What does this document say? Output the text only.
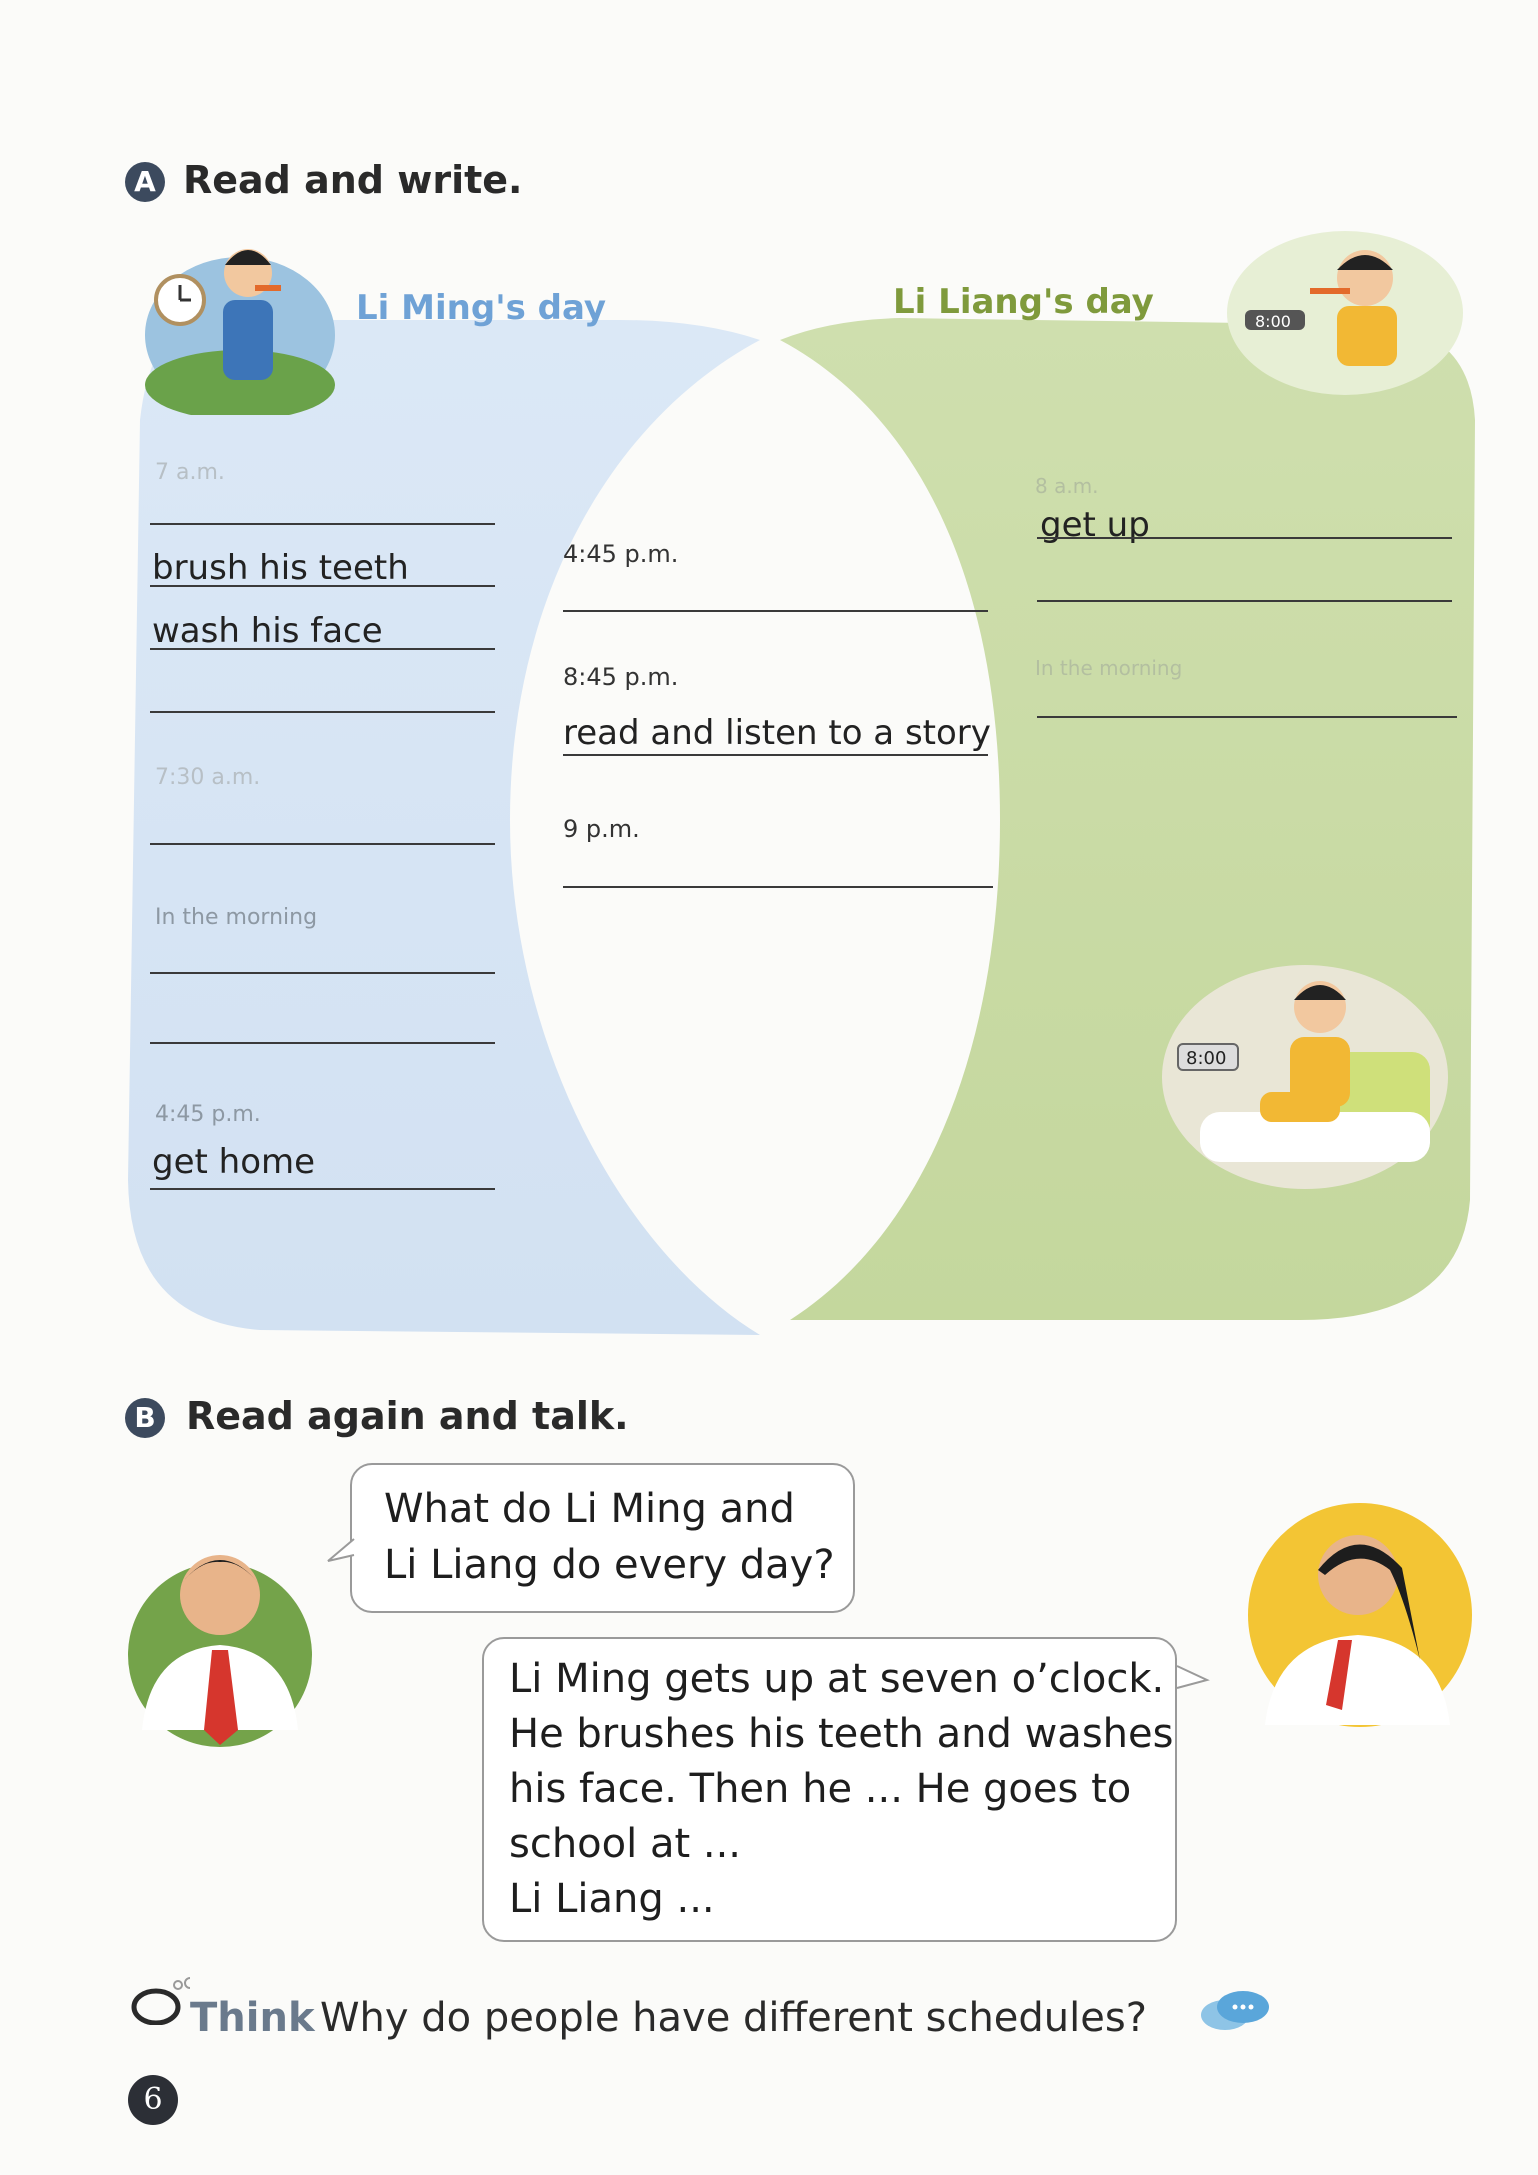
A Read and write.
Li Ming's day	8:00
Li Liang's day
7 a.m.
brush his teeth
wash his face
7:30 a.m.
In the morning
4:45 p.m.
get home
4:45 p.m.
8:45 p.m.
read and listen to a story
9 p.m.
8 a.m.
get up
In the morning
8:00
B Read again and talk.
What do Li Ming and
Li Liang do every day?
Li Ming gets up at seven o’clock.
He brushes his teeth and washes
his face. Then he ... He goes to
school at ...
Li Liang ...
Think Why do people have different schedules?
6
